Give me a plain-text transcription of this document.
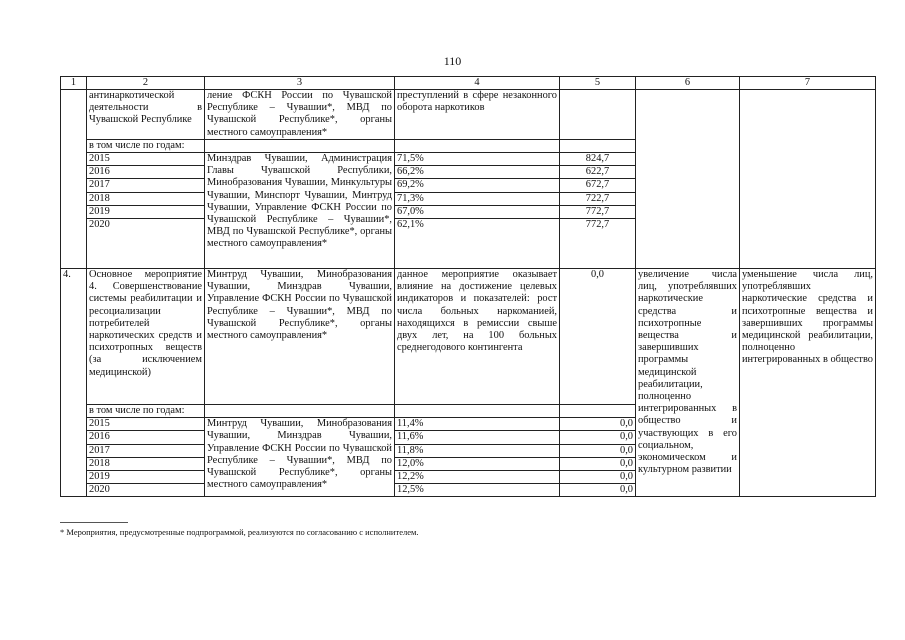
110
1	2	3	4	5	6	7
	антинаркотической деятельности в Чувашской Республике	ление ФСКН России по Чувашской Республике – Чувашии*, МВД по Чувашской Республике*, органы местного самоуправления*	преступлений в сфере незаконного оборота наркотиков			
	в том числе по годам:					
	2015	Минздрав Чувашии, Администрация Главы Чувашской Республики, Минобразования Чувашии, Минкультуры Чувашии, Минспорт Чувашии, Минтруд Чувашии, Управление ФСКН России по Чувашской Республике – Чувашии*, МВД по Чувашской Республике*, органы местного самоуправления*	71,5%	824,7		
	2016		66,2%	622,7		
	2017		69,2%	672,7		
	2018		71,3%	722,7		
	2019		67,0%	772,7		
	2020		62,1%	772,7		
4.	Основное мероприятие 4. Совершенствование системы реабилитации и ресоциализации потребителей наркотических средств и психотропных веществ (за исключением медицинской)	Минтруд Чувашии, Минобразования Чувашии, Минздрав Чувашии, Управление ФСКН России по Чувашской Республике – Чувашии*, МВД по Чувашской Республике*, органы местного самоуправления*	данное мероприятие оказывает влияние на достижение целевых индикаторов и показателей: рост числа больных наркоманией, находящихся в ремиссии свыше двух лет, на 100 больных среднегодового контингента	0,0	увеличение числа лиц, употреблявших наркотические средства и психотропные вещества и завершивших программы медицинской реабилитации, полноценно интегрированных в общество и участвующих в его социальном, экономическом и культурном развитии	уменьшение числа лиц, употреблявших наркотические средства и психотропные вещества и завершивших программы медицинской реабилитации, полноценно интегрированных в общество
	в том числе по годам:					
	2015	Минтруд Чувашии, Минобразования Чувашии, Минздрав Чувашии, Управление ФСКН России по Чувашской Республике – Чувашии*, МВД по Чувашской Республике*, органы местного самоуправления*	11,4%	0,0		
	2016		11,6%	0,0		
	2017		11,8%	0,0		
	2018		12,0%	0,0		
	2019		12,2%	0,0		
	2020		12,5%	0,0		
* Мероприятия, предусмотренные подпрограммой, реализуются по согласованию с исполнителем.
